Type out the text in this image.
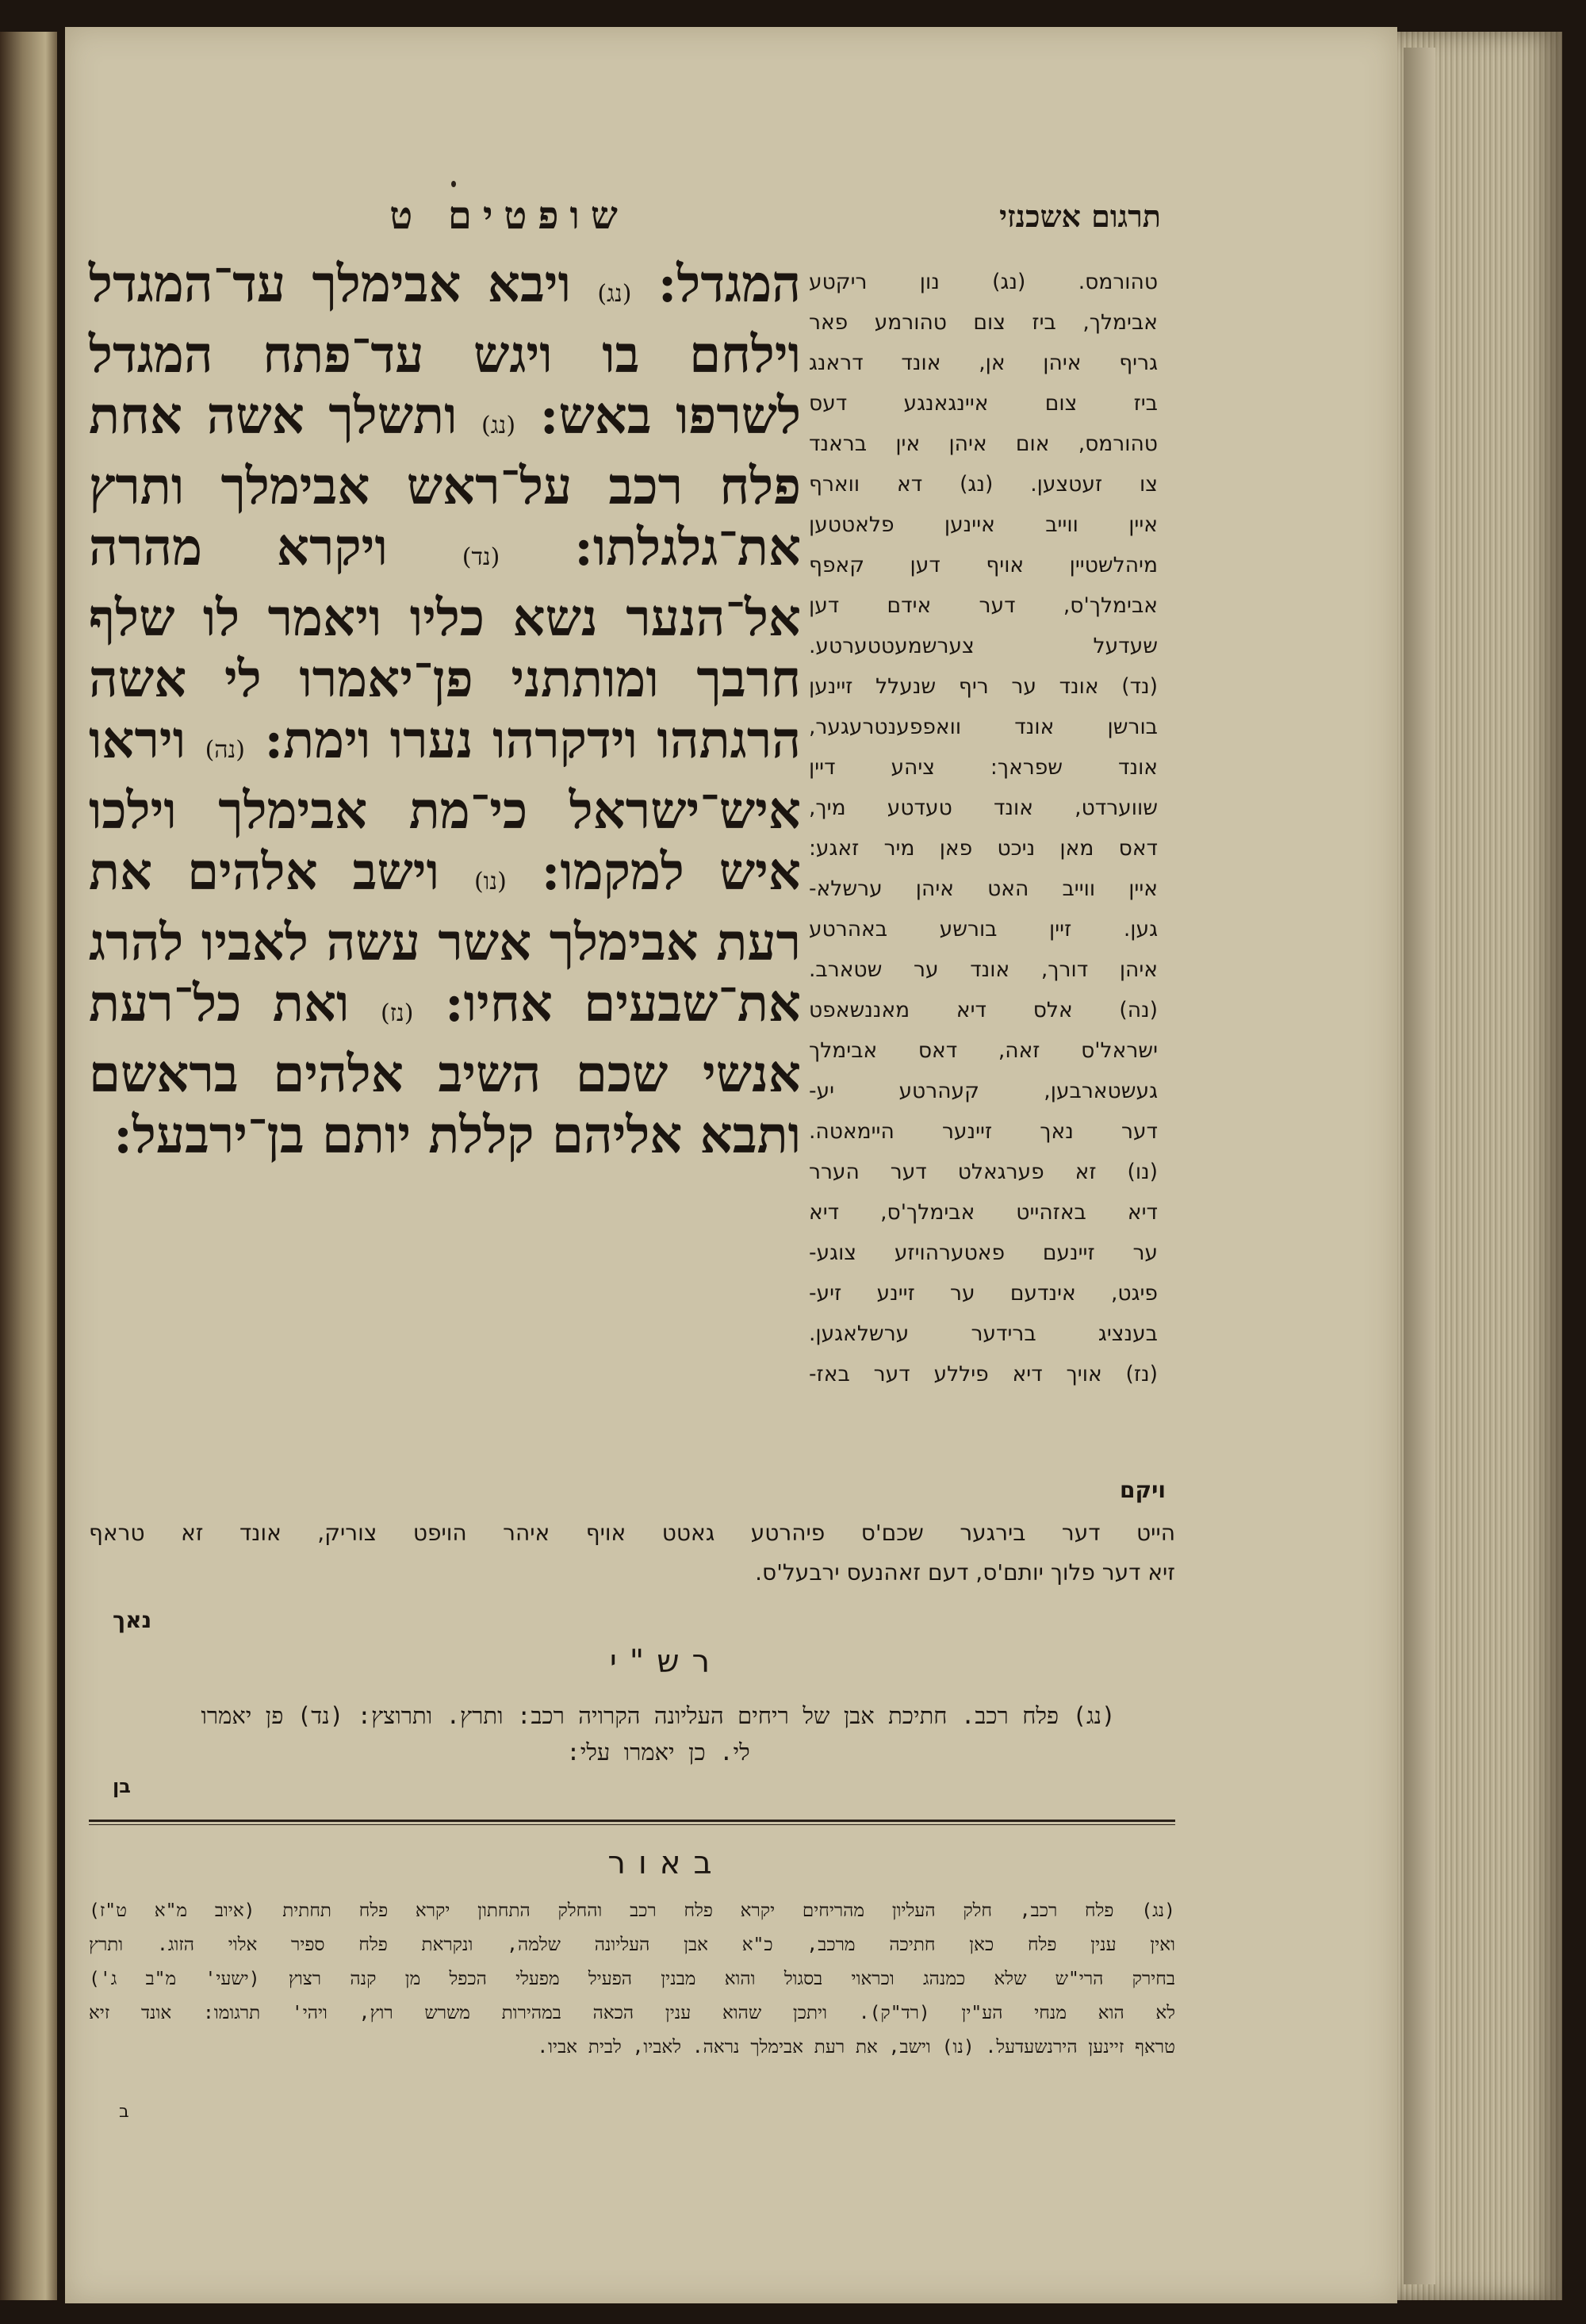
שופטים ט	תרגום אשכנזי

המגדל: (נג) ויבא אבימלך עד־המגדל וילחם בו ויגש עד־פתח המגדל לשרפו באש: (נג) ותשלך אשה אחת פלח רכב על־ראש אבימלך ותרץ את־גלגלתו: (נד) ויקרא מהרה אל־הנער נשא כליו ויאמר לו שלף חרבך ומותתני פן־יאמרו לי אשה הרגתהו וידקרהו נערו וימת: (נה) ויראו איש־ישראל כי־מת אבימלך וילכו איש למקמו: (נו) וישב אלהים את רעת אבימלך אשר עשה לאביו להרג את־שבעים אחיו: (נז) ואת כל־רעת אנשי שכם השיב אלהים בראשם ותבא אליהם קללת יותם בן־ירבעל:

טהורמס. (נג) נון ריקטע
אבימלך, ביז צום טהורמע פאר
גריף איהן אן, אונד דראנג
ביז צום איינגאנגע דעס
טהורמס, אום איהן אין בראנד
צו זעטצען. (נג) דא ווארף
איין ווייב איינען פלאטטען
מיהלשטיין אויף דען קאפף
אבימלך'ס, דער אידם דען
שעדעל צערשמעטטערטע.
(נד) אונד ער ריף שנעלל זיינען
בורשן אונד וואפפענטרעגער,
אונד שפראך: ציהע דיין
שווערדט, אונד טעדטע מיך,
דאס מאן ניכט פאן מיר זאגע:
איין ווייב האט איהן ערשלא-
גען. זיין בורשע באהרטע
איהן דורך, אונד ער שטארב.
(נה) אלס דיא מאננשאפט
ישראל'ס זאה, דאס אבימלך
געשטארבען, קעהרטע יע-
דער נאך זיינער היימאטה.
(נו) זא פערגאלט דער הערר
דיא באזהייט אבימלך'ס, דיא
ער זיינעם פאטערהויזע צוגע-
פיגט, אינדעם ער זיינע זיע-
בענציג ברידער ערשלאגען.
(נז) אויך דיא פיללע דער באז-
ויקם
הייט דער בירגער שכם'ס פיהרטע גאטט אויף איהר הויפט צוריק, אונד זא טראף
זיא דער פלוך יותם'ס, דעם זאהנעס ירבעל'ס.
נאך
רש"י
(נג) פלח רכב. חתיכת אבן של ריחים העליונה הקרויה רכב: ותרץ. ותרוצץ: (נד) פן יאמרו
לי. כן יאמרו עלי:
בן
באור
(נג) פלח רכב, חלק העליון מהריחים יקרא פלח רכב והחלק התחתון יקרא פלח תחתית (איוב מ"א ט"ז)
ואין ענין פלח כאן חתיכה מרכב, כ"א אבן העליונה שלמה, ונקראת פלח ספיר אלוי הזוג. ותרץ
בחירק הרי"ש שלא כמנהג וכראוי בסגול והוא מבנין הפעיל מפעלי הכפל מן קנה רצוץ (ישעי' מ"ב ג')
לא הוא מנחי הע"ין (רד"ק). ויתכן שהוא ענין הכאה במהירות משרש רוץ, ויהי' תרגומו: אונד זיא
טראף זיינען הירנשעדעל. (נו) וישב, את רעת אבימלך נראה. לאביו, לבית אביו.
ב
